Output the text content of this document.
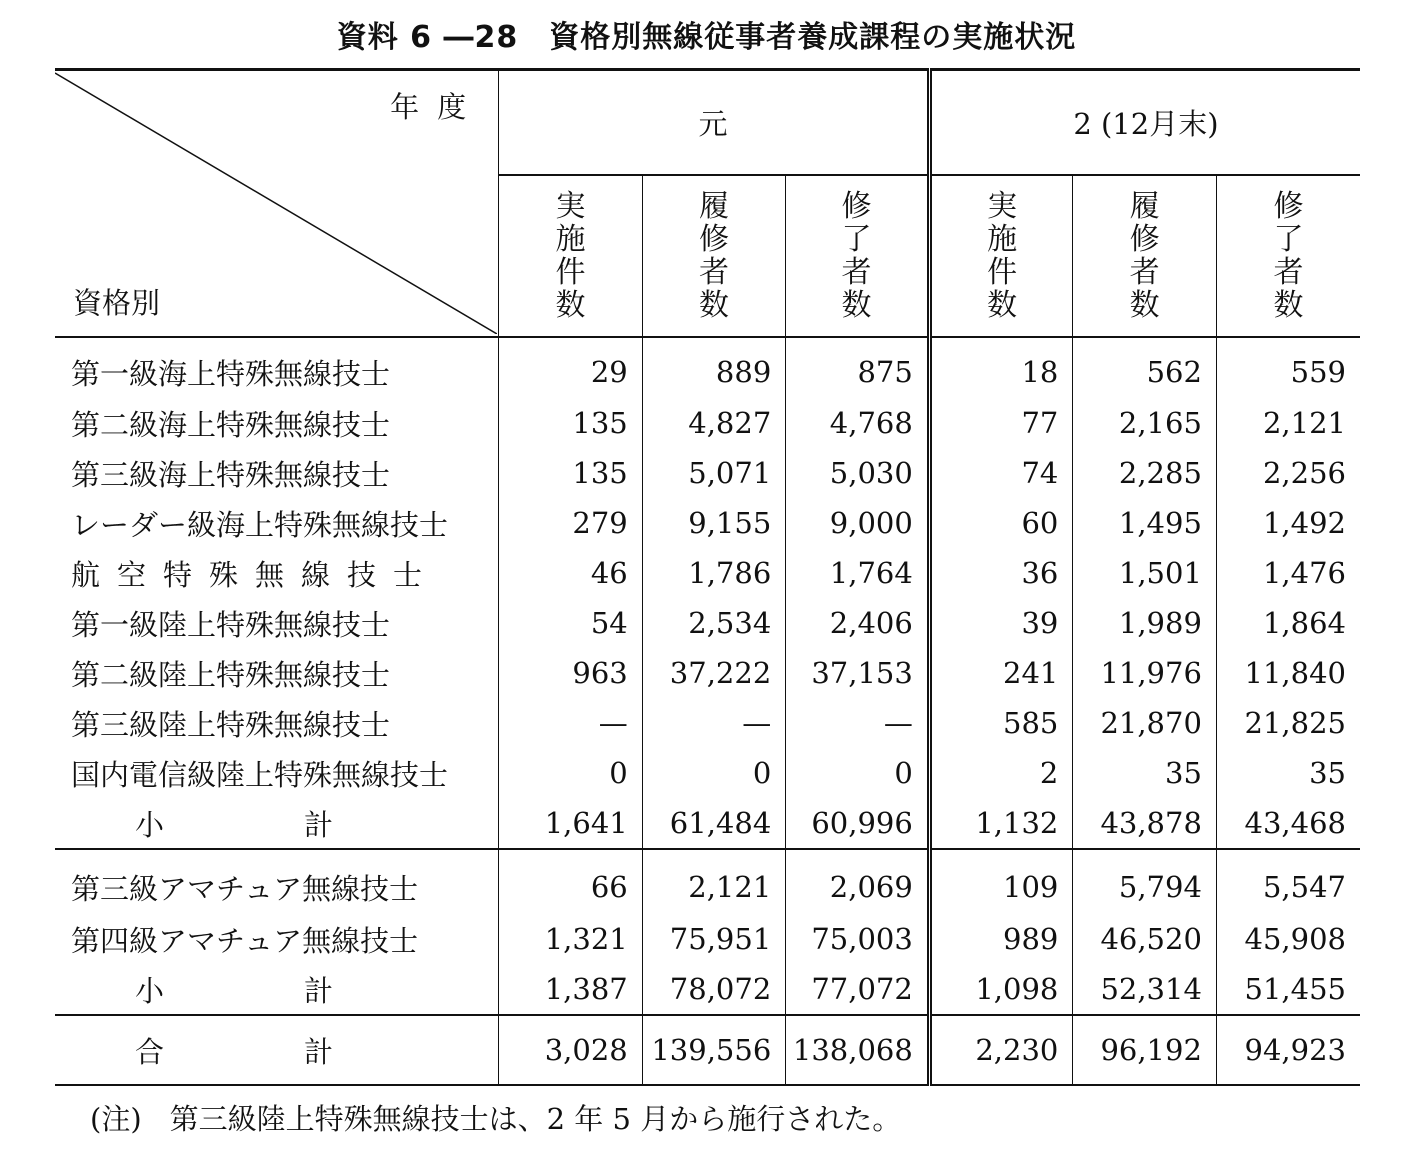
資料 6 ―28　資格別無線従事者養成課程の実施状況
年度
資格別	元			2 (12月末)		
	実施件数	履修者数	修了者数	実施件数	履修者数	修了者数
第一級海上特殊無線技士	29	889	875	18	562	559
第二級海上特殊無線技士	135	4,827	4,768	77	2,165	2,121
第三級海上特殊無線技士	135	5,071	5,030	74	2,285	2,256
レーダー級海上特殊無線技士	279	9,155	9,000	60	1,495	1,492
航空特殊無線技士	46	1,786	1,764	36	1,501	1,476
第一級陸上特殊無線技士	54	2,534	2,406	39	1,989	1,864
第二級陸上特殊無線技士	963	37,222	37,153	241	11,976	11,840
第三級陸上特殊無線技士	—	—	—	585	21,870	21,825
国内電信級陸上特殊無線技士	0	0	0	2	35	35
小 計	1,641	61,484	60,996	1,132	43,878	43,468
第三級アマチュア無線技士	66	2,121	2,069	109	5,794	5,547
第四級アマチュア無線技士	1,321	75,951	75,003	989	46,520	45,908
小 計	1,387	78,072	77,072	1,098	52,314	51,455
合 計	3,028	139,556	138,068	2,230	96,192	94,923
(注) 第三級陸上特殊無線技士は、2 年 5 月から施行された。
